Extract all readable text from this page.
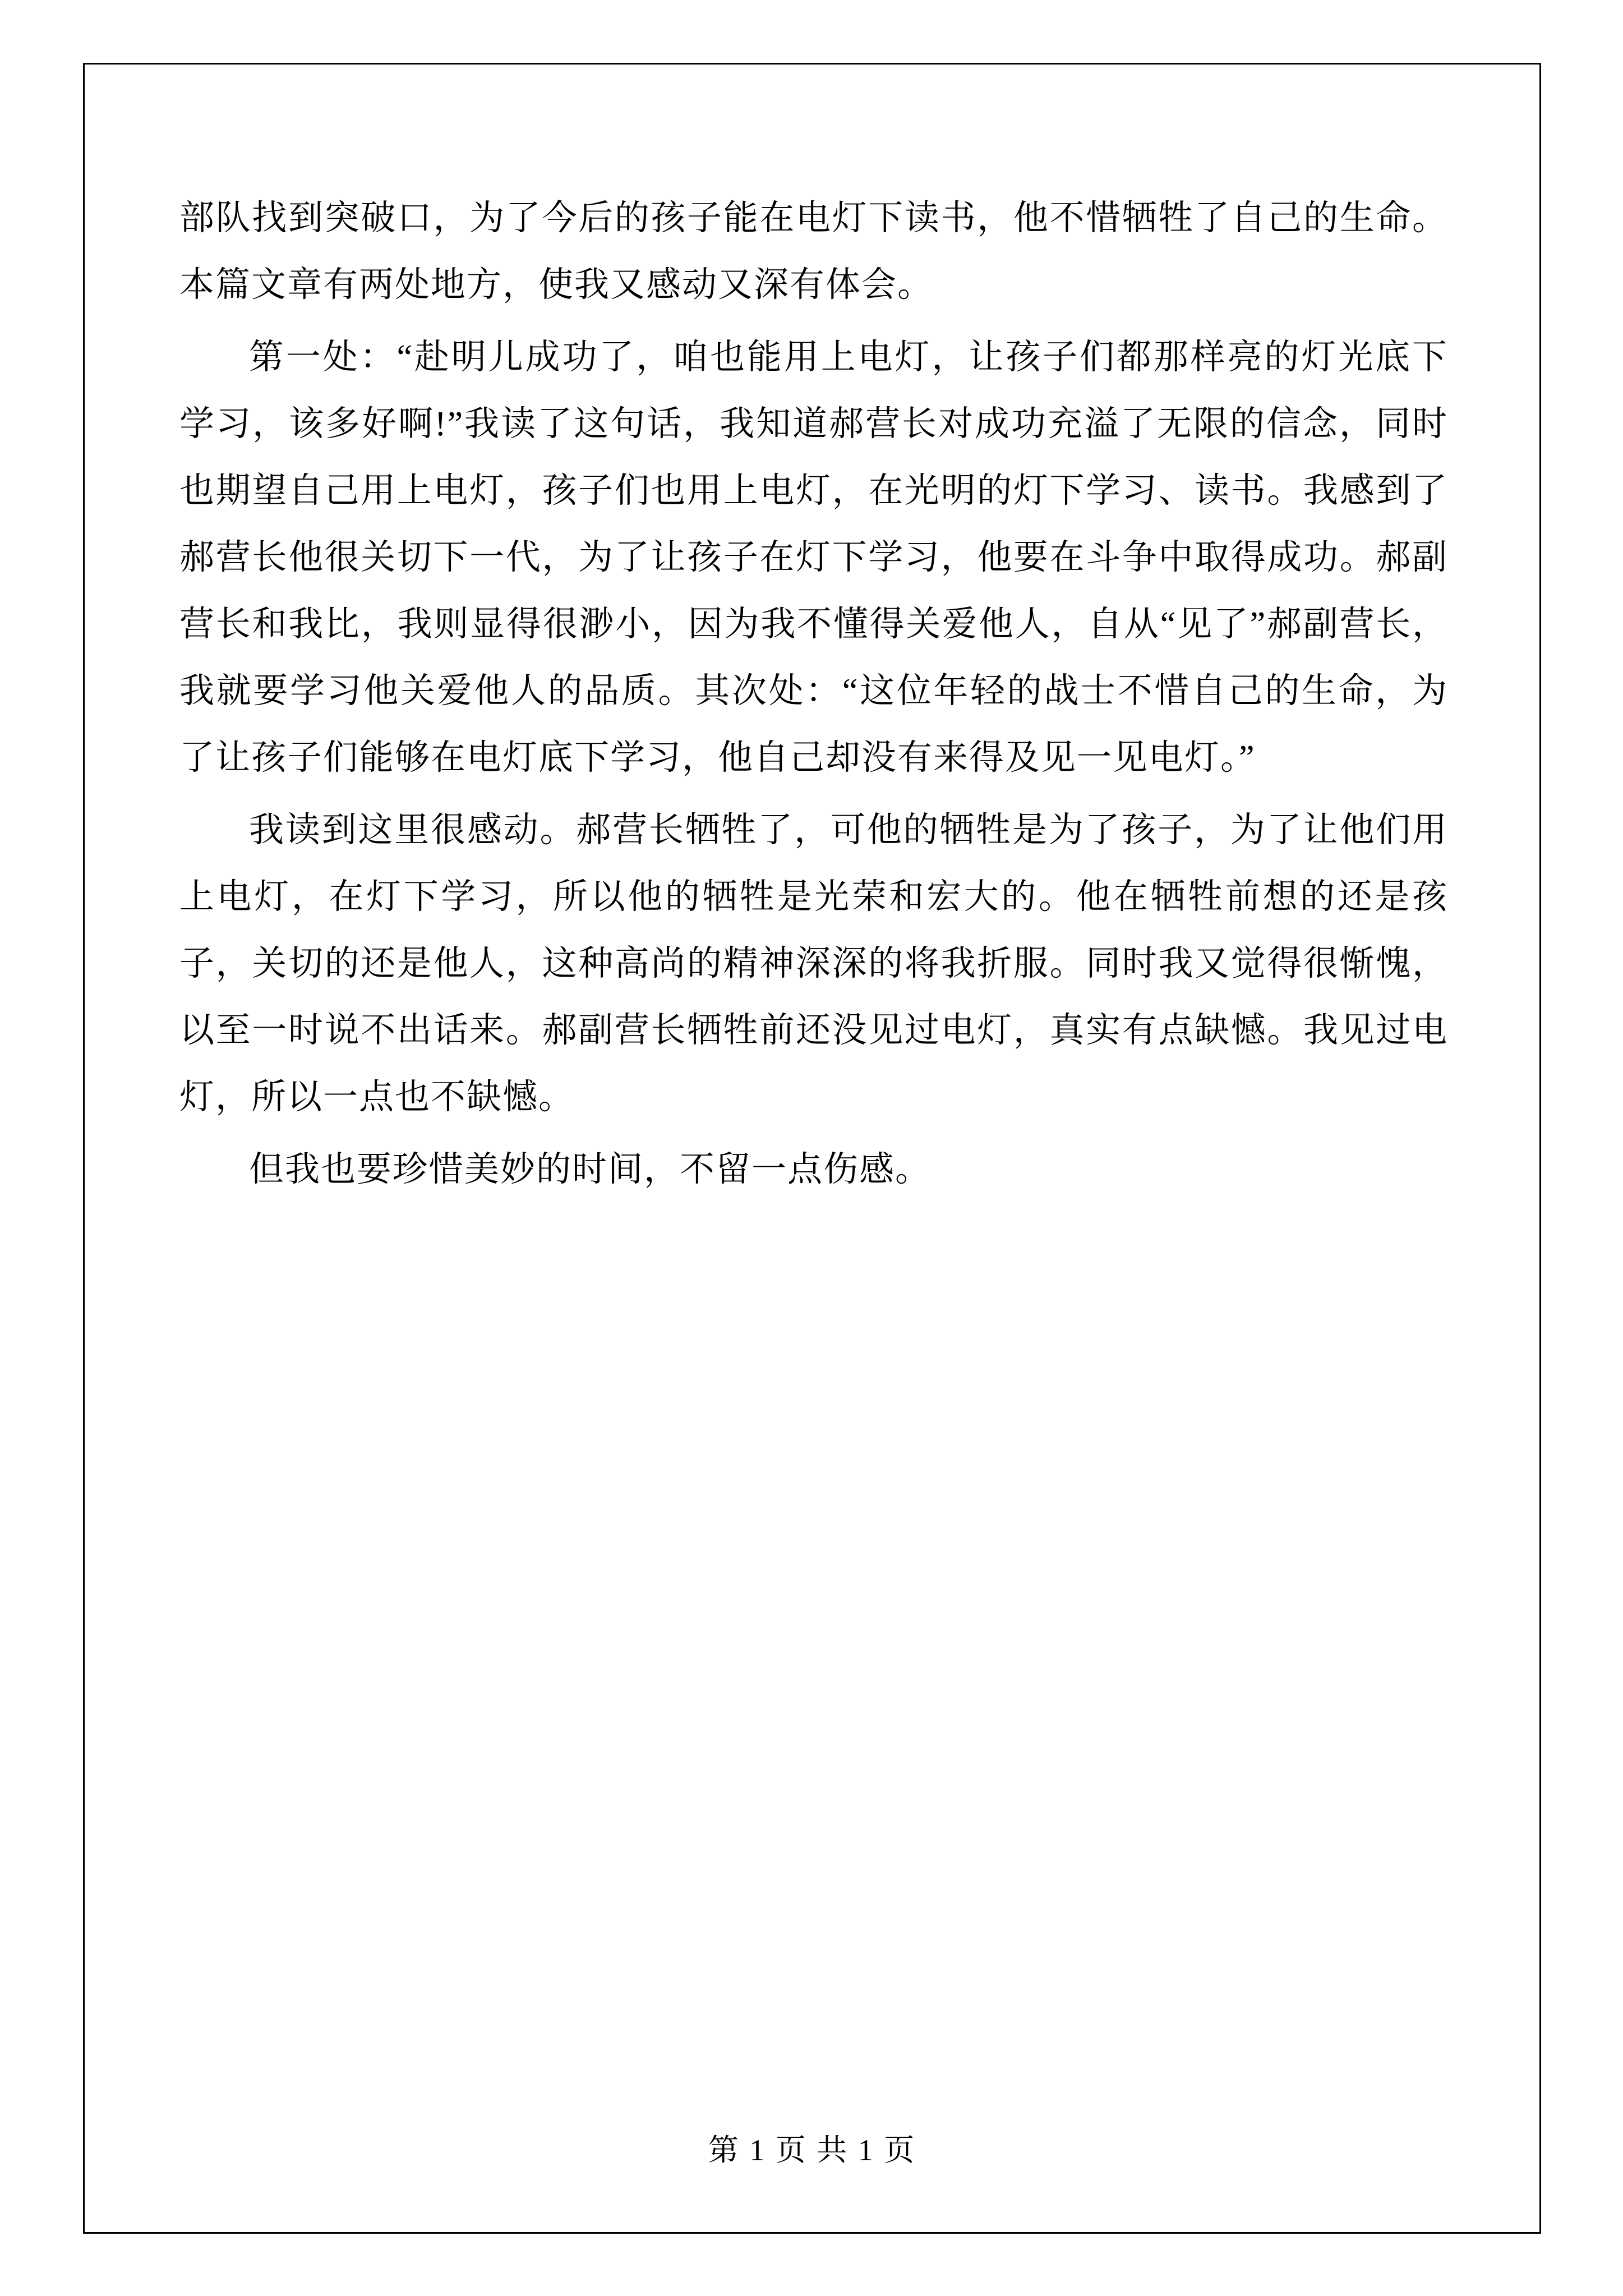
部队找到突破口，为了今后的孩子能在电灯下读书，他不惜牺牲了自己的生命。本篇文章有两处地方，使我又感动又深有体会。

第一处：“赴明儿成功了，咱也能用上电灯，让孩子们都那样亮的灯光底下学习，该多好啊!”我读了这句话，我知道郝营长对成功充溢了无限的信念，同时也期望自己用上电灯，孩子们也用上电灯，在光明的灯下学习、读书。我感到了郝营长他很关切下一代，为了让孩子在灯下学习，他要在斗争中取得成功。郝副营长和我比，我则显得很渺小，因为我不懂得关爱他人，自从“见了”郝副营长，我就要学习他关爱他人的品质。其次处：“这位年轻的战士不惜自己的生命，为了让孩子们能够在电灯底下学习，他自己却没有来得及见一见电灯。”

我读到这里很感动。郝营长牺牲了，可他的牺牲是为了孩子，为了让他们用上电灯，在灯下学习，所以他的牺牲是光荣和宏大的。他在牺牲前想的还是孩子，关切的还是他人，这种高尚的精神深深的将我折服。同时我又觉得很惭愧，以至一时说不出话来。郝副营长牺牲前还没见过电灯，真实有点缺憾。我见过电灯，所以一点也不缺憾。

但我也要珍惜美妙的时间，不留一点伤感。

第 1 页 共 1 页
